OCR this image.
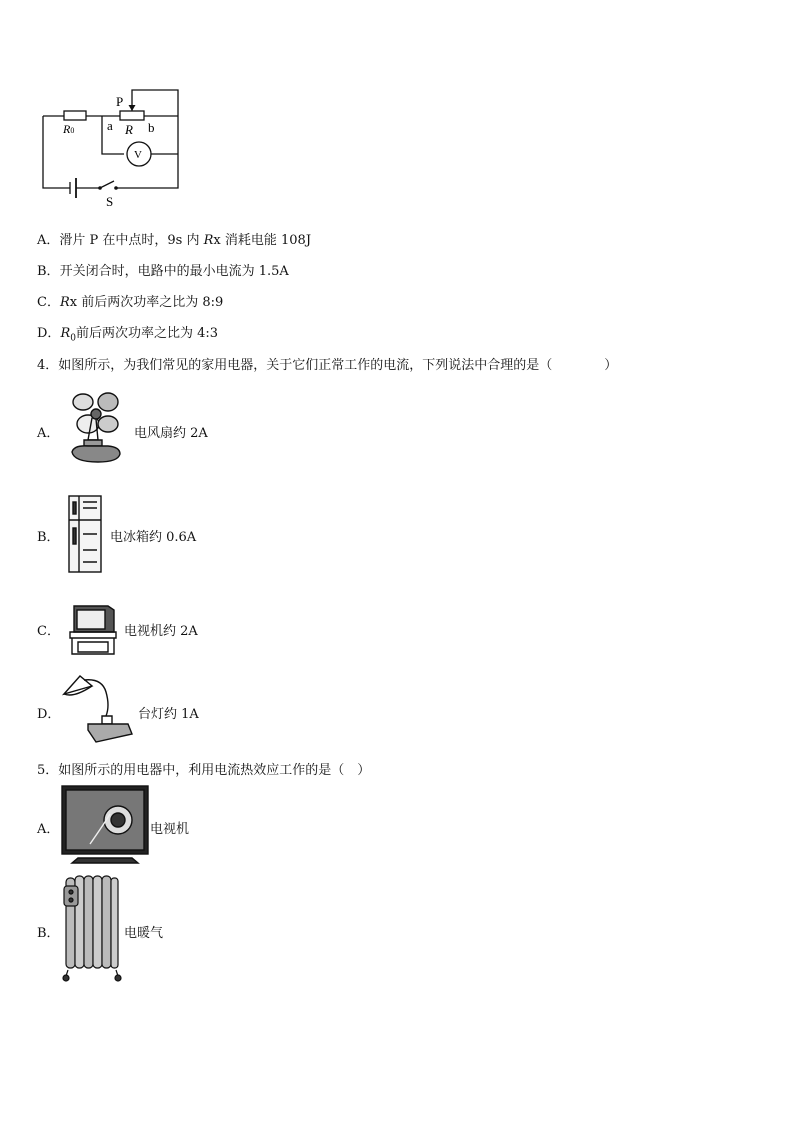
P
R0	a R b
V
S
A．滑片 P 在中点时，9s 内 Rx 消耗电能 108J
B．开关闭合时，电路中的最小电流为 1.5A
C．Rx 前后两次功率之比为 8:9
D．$R_0$前后两次功率之比为 4:3
4．如图所示，为我们常见的家用电器，关于它们正常工作的电流，下列说法中合理的是（　　　　）
A．	电风扇约 2A
B．	电冰箱约 0.6A
C．	电视机约 2A
D．	台灯约 1A
5．如图所示的用电器中，利用电流热效应工作的是（　）
A．	电视机
B．	电暖气
